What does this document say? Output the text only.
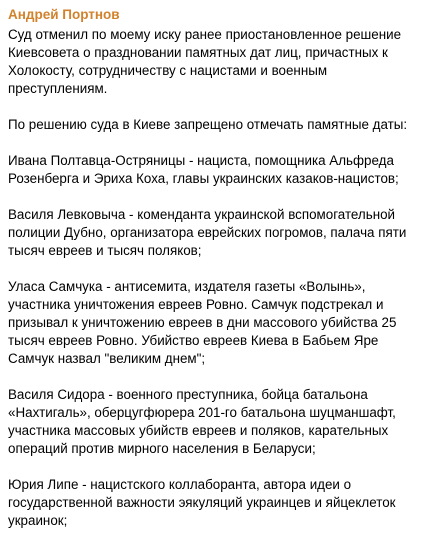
Андрей Портнов

Суд отменил по моему иску ранее приостановленное решение Киевсовета о праздновании памятных дат лиц, причастных к Холокосту, сотрудничеству с нацистами и военным преступлениям.

По решению суда в Киеве запрещено отмечать памятные даты:

Ивана Полтавца-Остряницы - нациста, помощника Альфреда Розенберга и Эриха Коха, главы украинских казаков-нацистов;

Василя Левковыча - коменданта украинской вспомогательной полиции Дубно, организатора еврейских погромов, палача пяти тысяч евреев и тысяч поляков;

Уласа Самчука - антисемита, издателя газеты «Волынь», участника уничтожения евреев Ровно. Самчук подстрекал и призывал к уничтожению евреев в дни массового убийства 25 тысяч евреев Ровно. Убийство евреев Киева в Бабьем Яре Самчук назвал "великим днем";

Василя Сидора - военного преступника, бойца батальона «Нахтигаль», оберцугфюрера 201-го батальона шуцманшафт, участника массовых убийств евреев и поляков, карательных операций против мирного населения в Беларуси;

Юрия Липе - нацистского коллаборанта, автора идеи о государственной важности эякуляций украинцев и яйцеклеток украинок;
